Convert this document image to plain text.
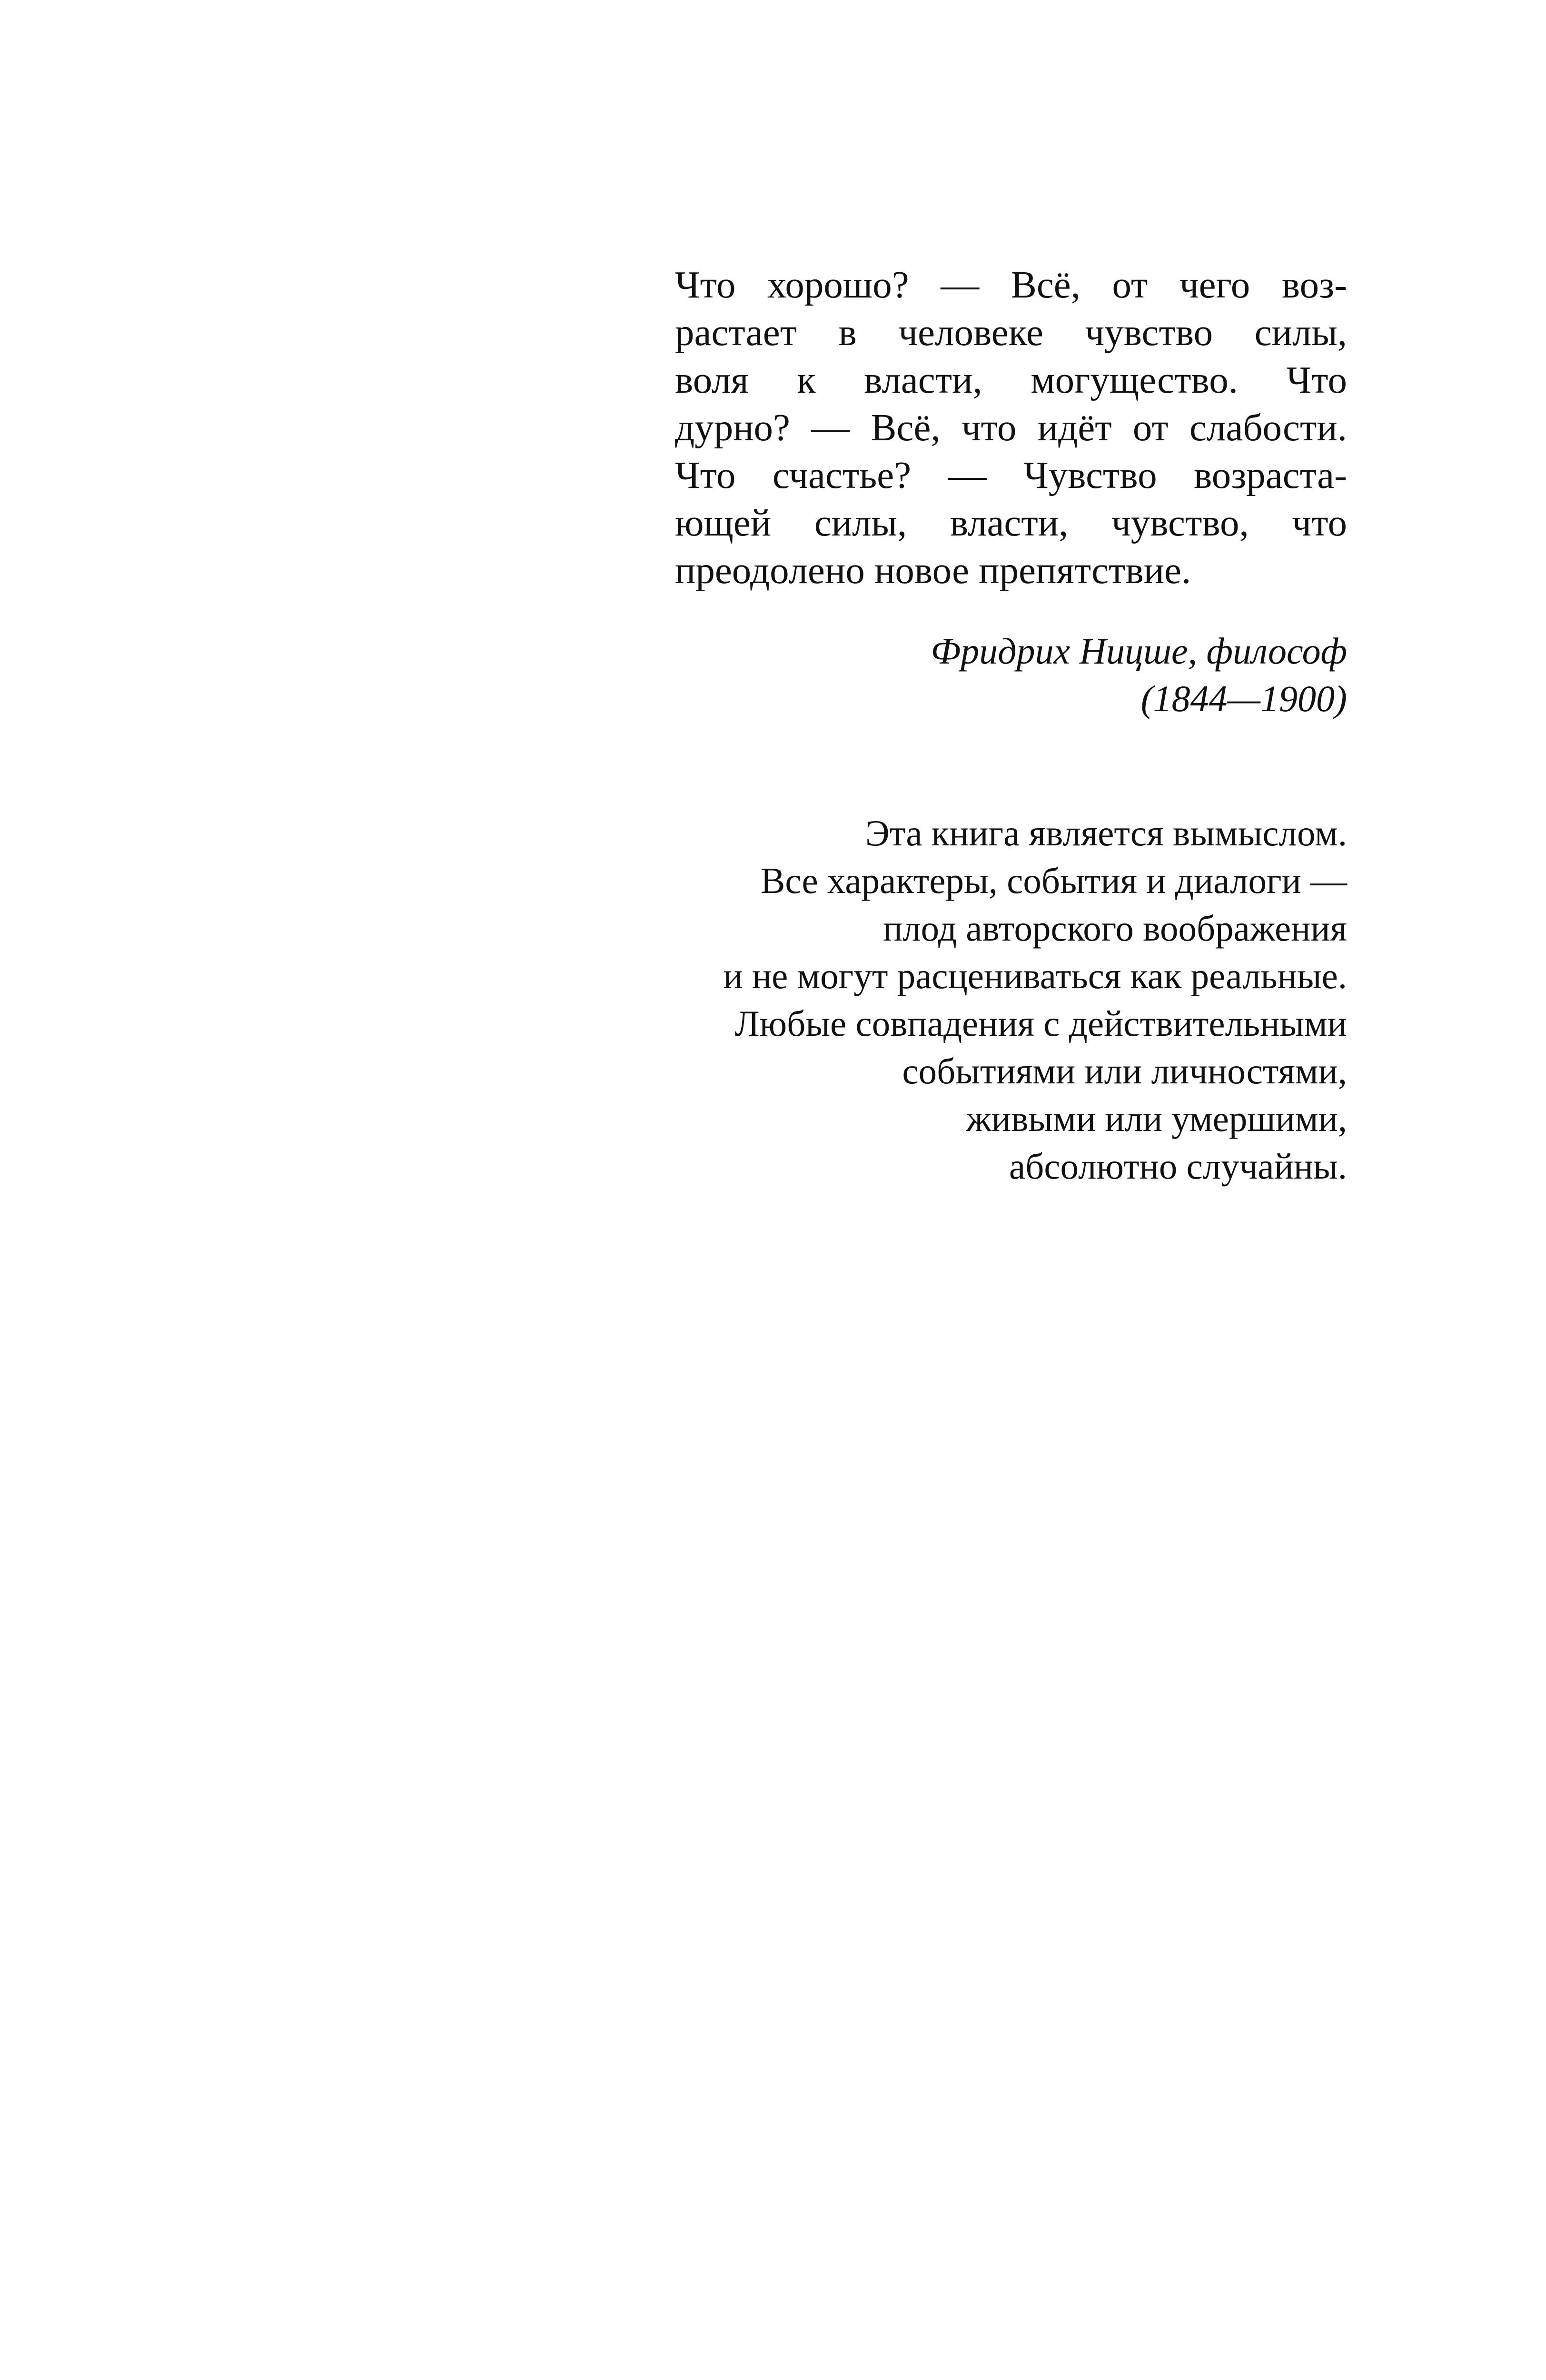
Что хорошо? — Всё, от чего воз-
растает в человеке чувство силы,
воля к власти, могущество. Что
дурно? — Всё, что идёт от слабости.
Что счастье? — Чувство возраста-
ющей силы, власти, чувство, что
преодолено новое препятствие.
Фридрих Ницше, философ
(1844—1900)
Эта книга является вымыслом.
Все характеры, события и диалоги —
плод авторского воображения
и не могут расцениваться как реальные.
Любые совпадения с действительными
событиями или личностями,
живыми или умершими,
абсолютно случайны.
